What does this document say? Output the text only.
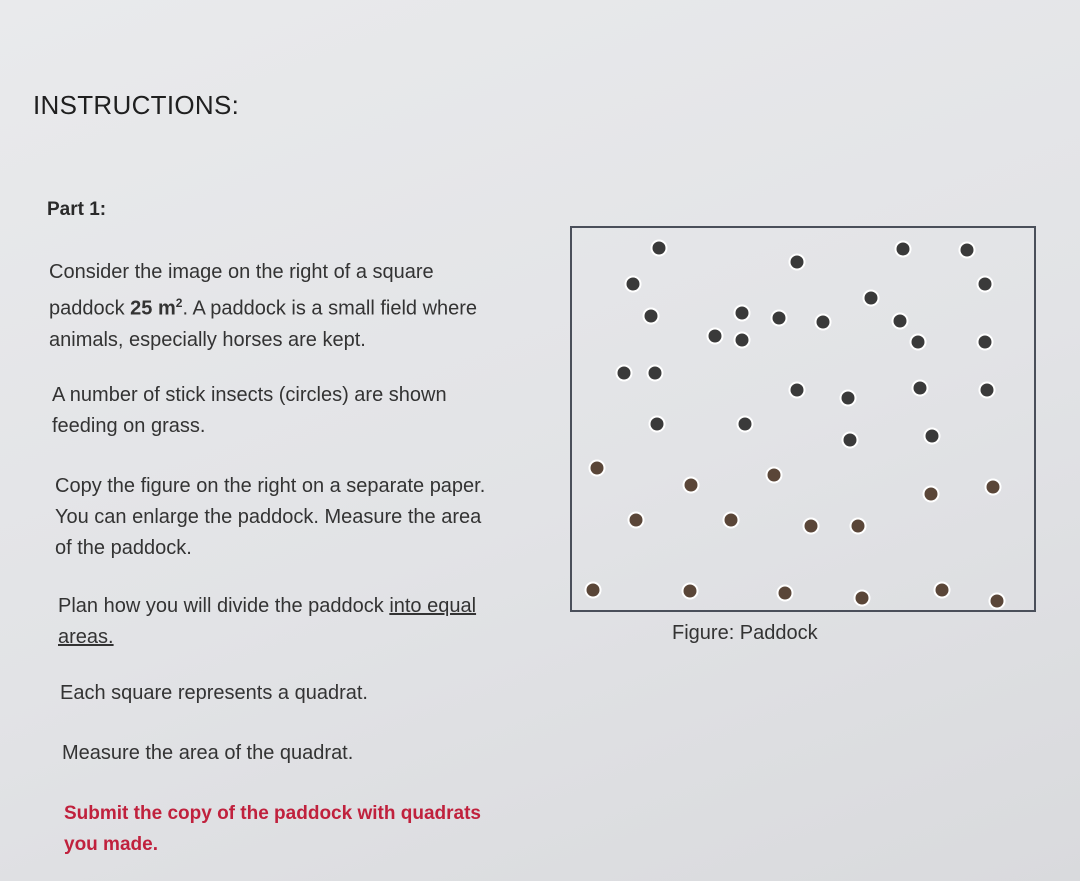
INSTRUCTIONS:
Part 1:

Consider the image on the right of a square
paddock 25 $m^2$. A paddock is a small field where
animals, especially horses are kept.

A number of stick insects (circles) are shown
feeding on grass.

Copy the figure on the right on a separate paper.
You can enlarge the paddock. Measure the area
of the paddock.

Plan how you will divide the paddock into equal
areas.

Each square represents a quadrat.

Measure the area of the quadrat.

Submit the copy of the paddock with quadrats
you made.

Figure: Paddock
